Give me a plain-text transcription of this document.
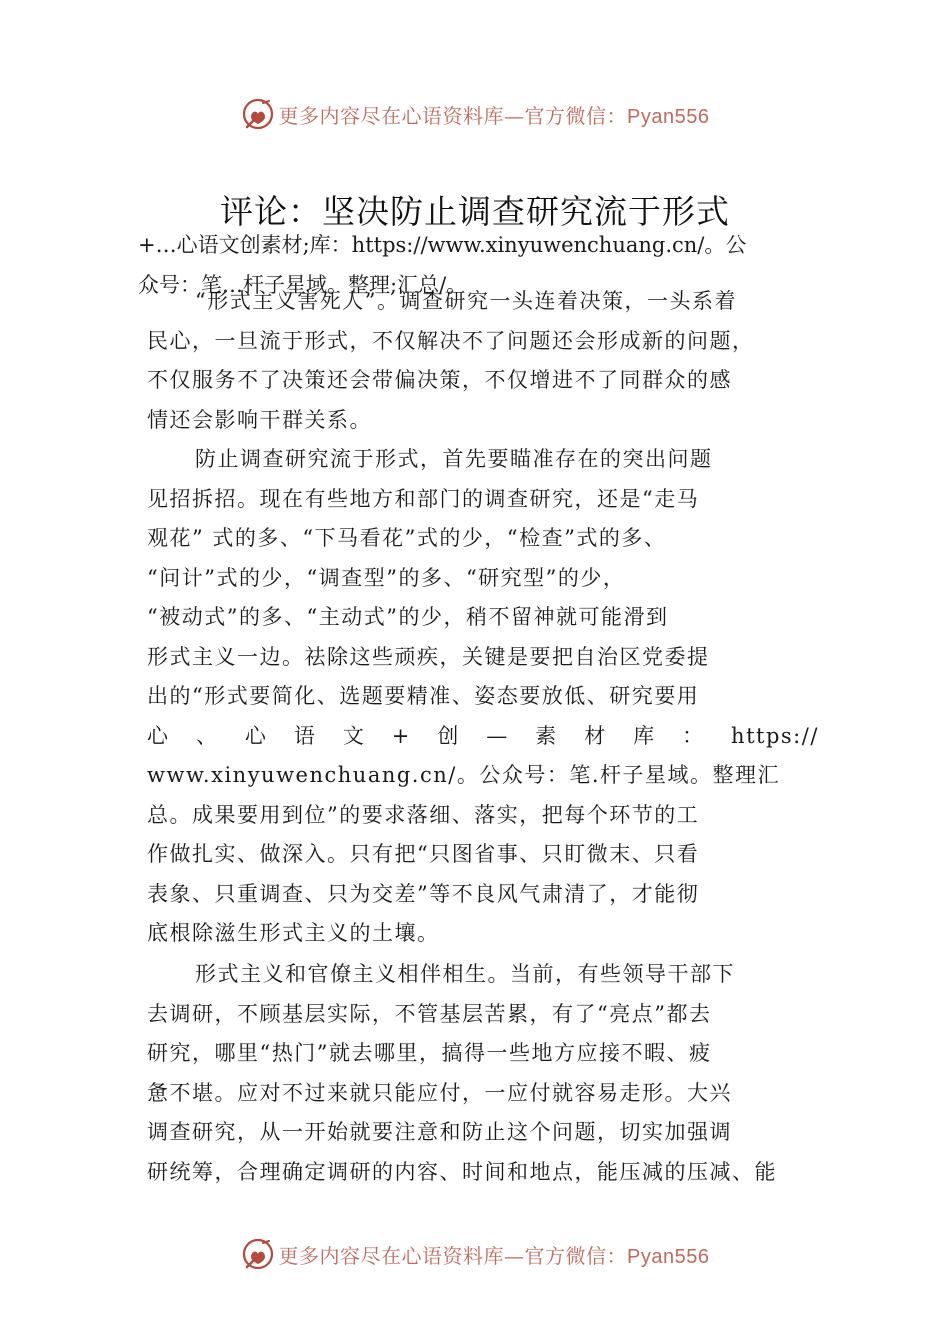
更多内容尽在心语资料库—官方微信：Pyan556
评论：坚决防止调查研究流于形式
+…心语文创素材;库：https://www.xinyuwenchuang.cn/。公
众号：笔…杆子星域。整理;汇总/。
“形式主义害死人”。调查研究一头连着决策，一头系着
民心，一旦流于形式，不仅解决不了问题还会形成新的问题，
不仅服务不了决策还会带偏决策，不仅增进不了同群众的感
情还会影响干群关系。
防止调查研究流于形式，首先要瞄准存在的突出问题
见招拆招。现在有些地方和部门的调查研究，还是“走马
观花” 式的多、“下马看花”式的少，“检查”式的多、
“问计”式的少，“调查型”的多、“研究型”的少，
“被动式”的多、“主动式”的少，稍不留神就可能滑到
形式主义一边。祛除这些顽疾，关键是要把自治区党委提
出的“形式要简化、选题要精准、姿态要放低、研究要用
心 、 心 语 文 + 创 — 素 材 库 ： https://
www.xinyuwenchuang.cn/。公众号：笔.杆子星域。整理汇
总。成果要用到位”的要求落细、落实，把每个环节的工
作做扎实、做深入。只有把“只图省事、只盯微末、只看
表象、只重调查、只为交差”等不良风气肃清了，才能彻
底根除滋生形式主义的土壤。
形式主义和官僚主义相伴相生。当前，有些领导干部下
去调研，不顾基层实际，不管基层苦累，有了“亮点”都去
研究，哪里“热门”就去哪里，搞得一些地方应接不暇、疲
惫不堪。应对不过来就只能应付，一应付就容易走形。大兴
调查研究，从一开始就要注意和防止这个问题，切实加强调
研统筹，合理确定调研的内容、时间和地点，能压减的压减、能
更多内容尽在心语资料库—官方微信：Pyan556
